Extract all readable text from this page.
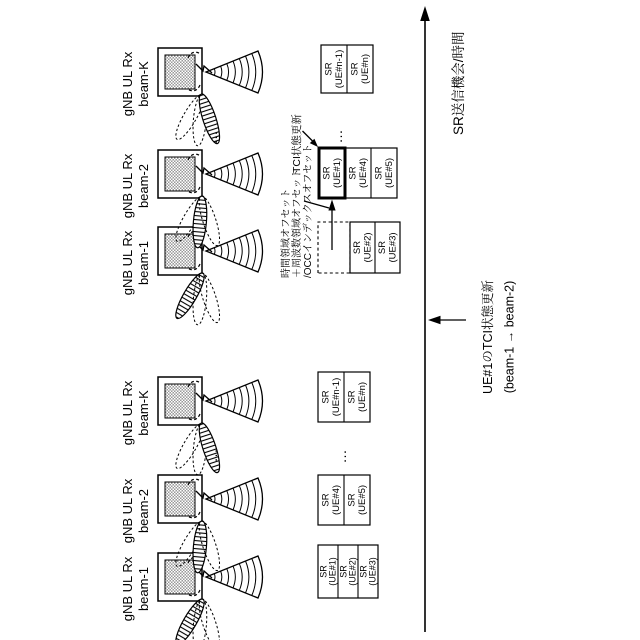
gNB UL Rx beam-1
gNB UL Rx beam-2
gNB UL Rx beam-K
…
gNB UL Rx beam-1
gNB UL Rx beam-2
gNB UL Rx beam-K
…
SR
(UE#1) SR
(UE#2) SR
(UE#3)
SR (UE#4) SR (UE#5)
…
SR (UE#n-1) SR (UE#n)
SR (UE#2) SR (UE#3)
SR (UE#1) SR (UE#4) SR (UE#5)
…
SR (UE#n-1) SR (UE#n)
時間領域オフセット ＋周波数領域オフセット /OCCインデックスオフセット
TCI状態更新
SR送信機会/時間
UE#1のTCI状態更新 (beam-1 → beam-2)
